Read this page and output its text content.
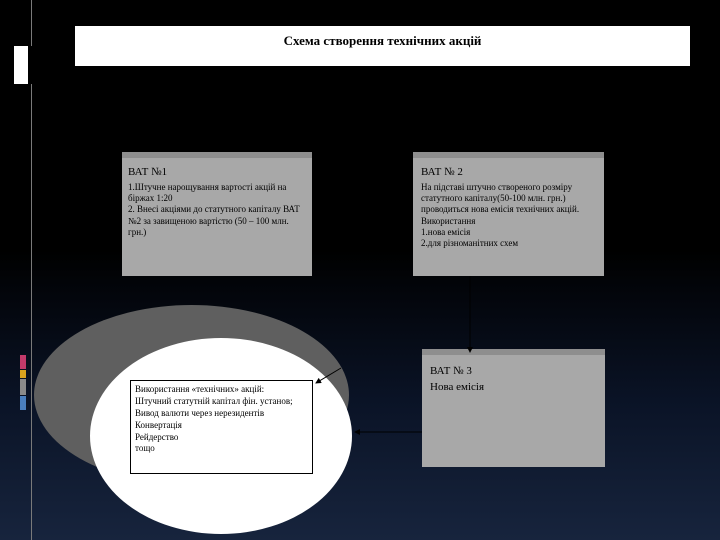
Схема створення технічних акцій
ВАТ №1
1.Штучне нарощування вартості акцій на
біржах 1:20
2. Внесі акціями до статутного капіталу ВАТ
№2 за завищеною вартістю (50 – 100 млн.
грн.)
ВАТ № 2
На підставі штучно створеного розміру
статутного капіталу(50-100 млн. грн.)
проводиться нова емісія технічних акцій.
Використання
1.нова емісія
2.для різноманітних схем
ВАТ № 3
Нова емісія
Використання «технічних» акцій:
Штучний статутній капітал фін. установ;
Вивод валюти через нерезидентів
Конвертація
Рейдерство
тощо
